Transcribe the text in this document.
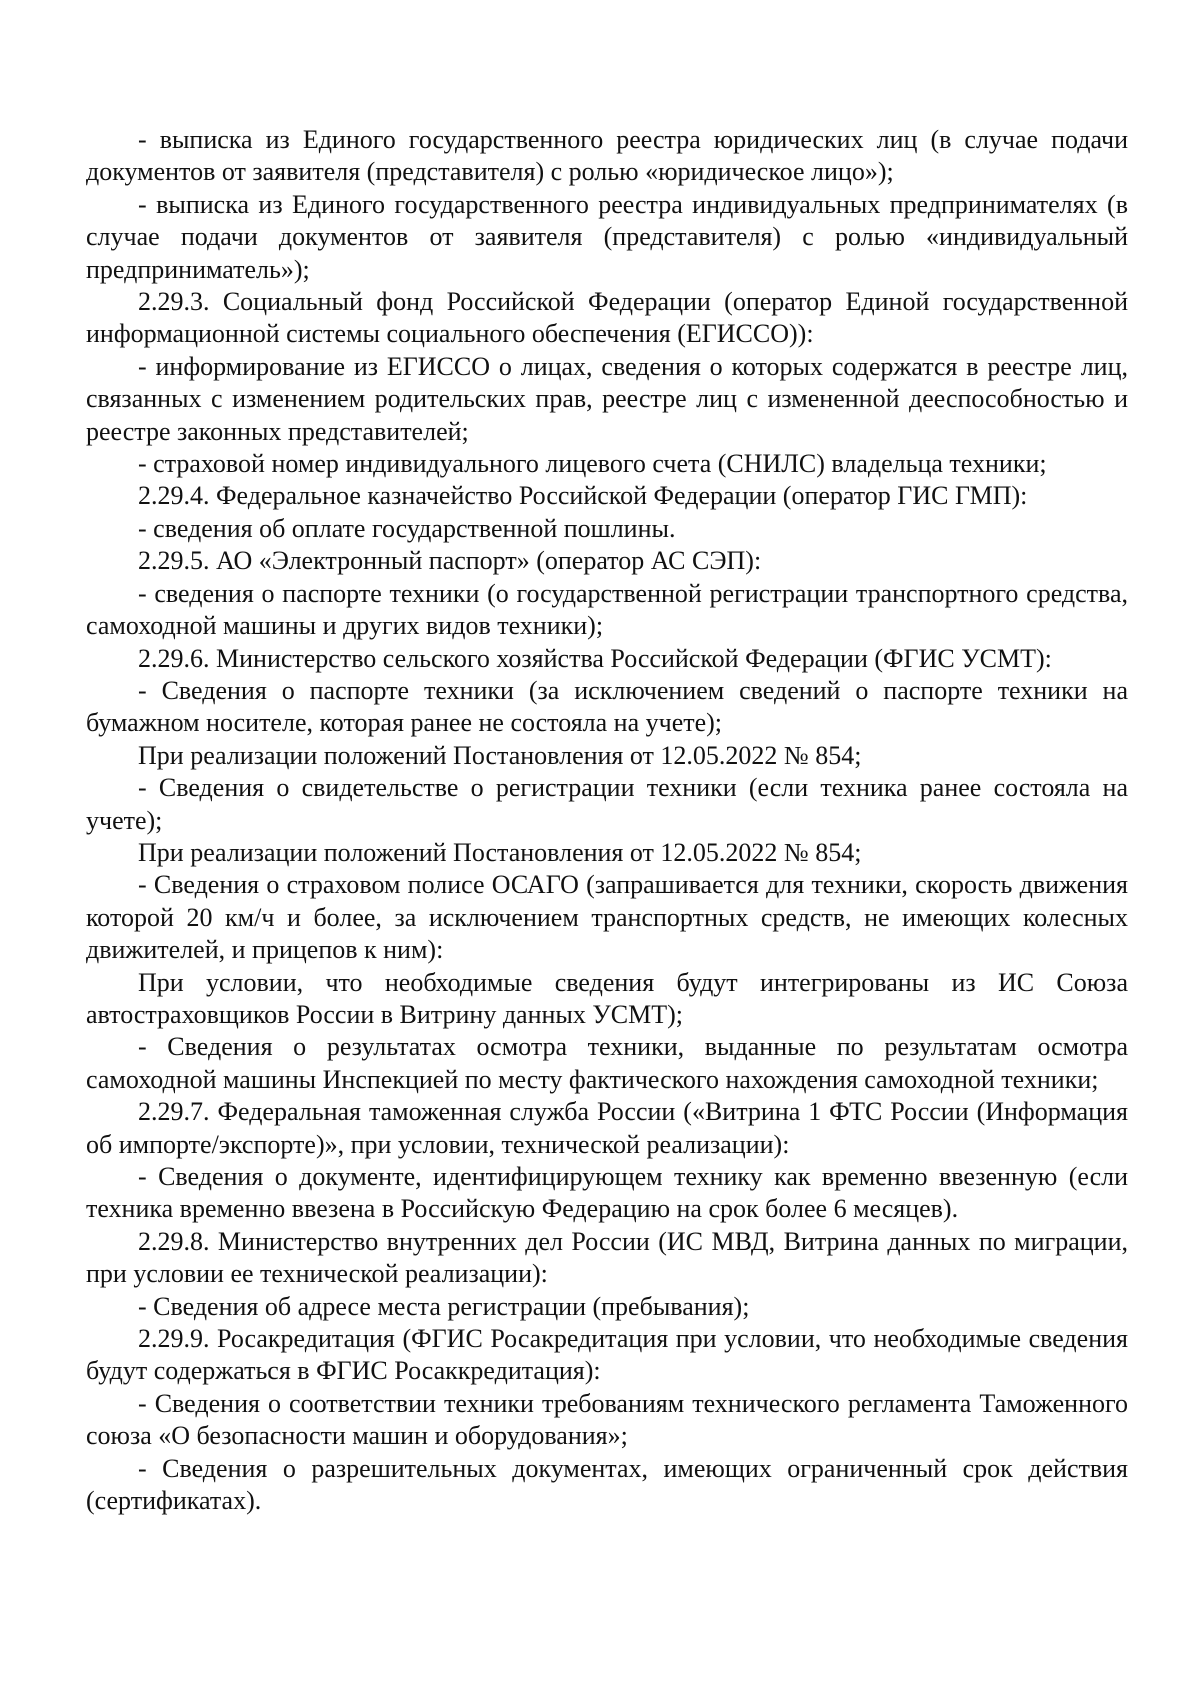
- выписка из Единого государственного реестра юридических лиц (в случае подачи документов от заявителя (представителя) с ролью «юридическое лицо»);

- выписка из Единого государственного реестра индивидуальных предпринимателях (в случае подачи документов от заявителя (представителя) с ролью «индивидуальный предприниматель»);

2.29.3. Социальный фонд Российской Федерации (оператор Единой государственной информационной системы социального обеспечения (ЕГИССО)):

- информирование из ЕГИССО о лицах, сведения о которых содержатся в реестре лиц, связанных с изменением родительских прав, реестре лиц с измененной дееспособностью и реестре законных представителей;

- страховой номер индивидуального лицевого счета (СНИЛС) владельца техники;

2.29.4. Федеральное казначейство Российской Федерации (оператор ГИС ГМП):

- сведения об оплате государственной пошлины.

2.29.5. АО «Электронный паспорт» (оператор АС СЭП):

- сведения о паспорте техники (о государственной регистрации транспортного средства, самоходной машины и других видов техники);

2.29.6. Министерство сельского хозяйства Российской Федерации (ФГИС УСМТ):

- Сведения о паспорте техники (за исключением сведений о паспорте техники на бумажном носителе, которая ранее не состояла на учете);

При реализации положений Постановления от 12.05.2022 № 854;

- Сведения о свидетельстве о регистрации техники (если техника ранее состояла на учете);

При реализации положений Постановления от 12.05.2022 № 854;

- Сведения о страховом полисе ОСАГО (запрашивается для техники, скорость движения которой 20 км/ч и более, за исключением транспортных средств, не имеющих колесных движителей, и прицепов к ним):

При условии, что необходимые сведения будут интегрированы из ИС Союза автостраховщиков России в Витрину данных УСМТ);

- Сведения о результатах осмотра техники, выданные по результатам осмотра самоходной машины Инспекцией по месту фактического нахождения самоходной техники;

2.29.7. Федеральная таможенная служба России («Витрина 1 ФТС России (Информация об импорте/экспорте)», при условии, технической реализации):

- Сведения о документе, идентифицирующем технику как временно ввезенную (если техника временно ввезена в Российскую Федерацию на срок более 6 месяцев).

2.29.8. Министерство внутренних дел России (ИС МВД, Витрина данных по миграции, при условии ее технической реализации):

- Сведения об адресе места регистрации (пребывания);

2.29.9. Росакредитация (ФГИС Росакредитация при условии, что необходимые сведения будут содержаться в ФГИС Росаккредитация):

- Сведения о соответствии техники требованиям технического регламента Таможенного союза «О безопасности машин и оборудования»;

- Сведения о разрешительных документах, имеющих ограниченный срок действия (сертификатах).
